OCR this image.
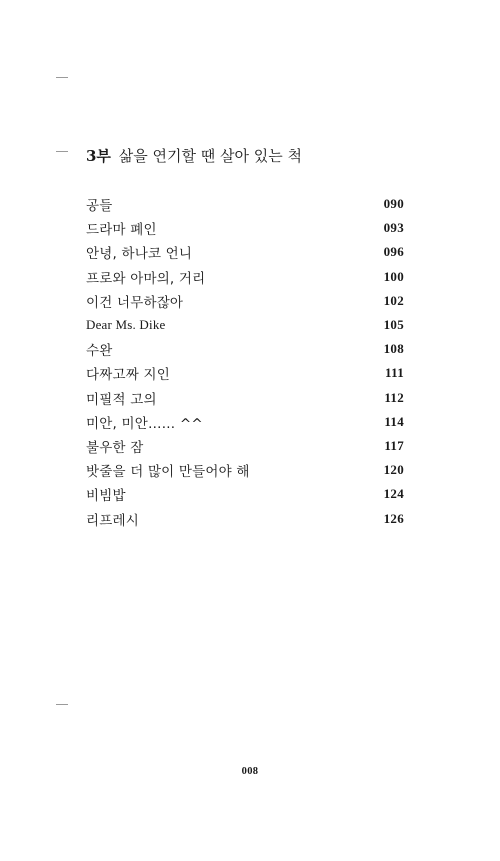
3부 삶을 연기할 땐 살아 있는 척
공들	090
드라마 폐인	093
안녕, 하나코 언니	096
프로와 아마의, 거리	100
이건 너무하잖아	102
Dear Ms. Dike	105
수완	108
다짜고짜 지인	111
미필적 고의	112
미안, 미안…… ^^	114
불우한 잠	117
밧줄을 더 많이 만들어야 해	120
비빔밥	124
리프레시	126
008
